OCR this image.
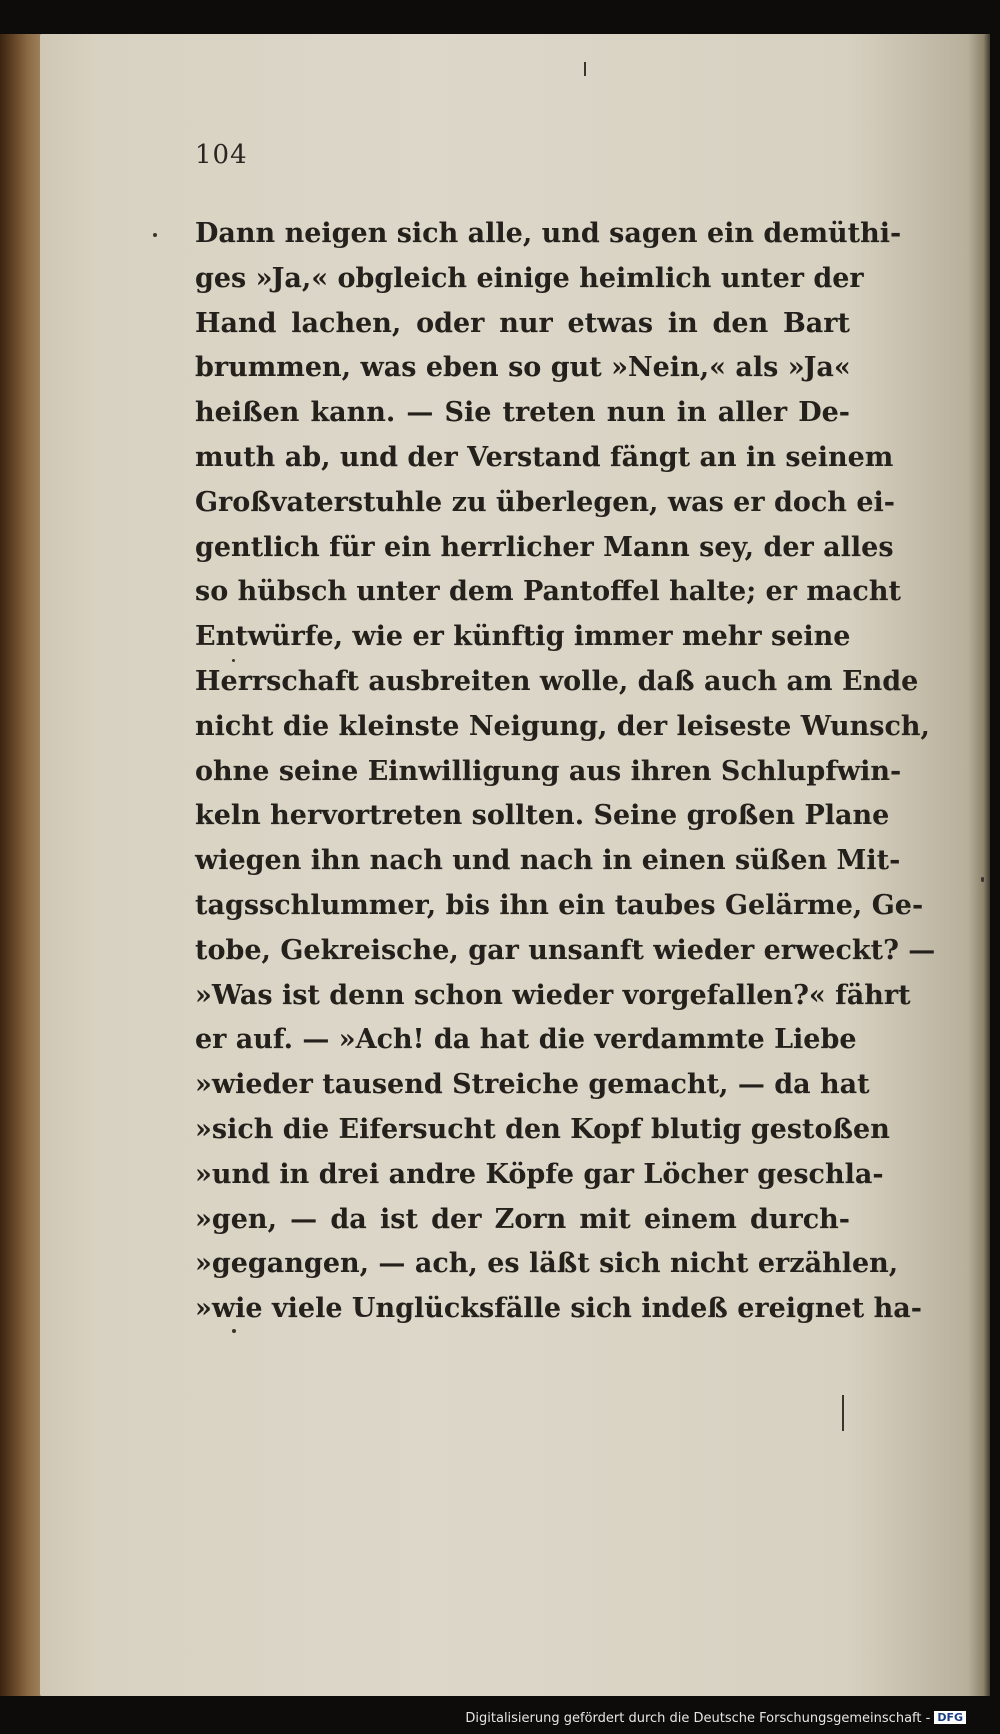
104
Dann neigen sich alle, und sagen ein demüthi-
ges »Ja,« obgleich einige heimlich unter der
Hand lachen, oder nur etwas in den Bart
brummen, was eben so gut »Nein,« als »Ja«
heißen kann. — Sie treten nun in aller De-
muth ab, und der Verstand fängt an in seinem
Großvaterstuhle zu überlegen, was er doch ei-
gentlich für ein herrlicher Mann sey, der alles
so hübsch unter dem Pantoffel halte; er macht
Entwürfe, wie er künftig immer mehr seine
Herrschaft ausbreiten wolle, daß auch am Ende
nicht die kleinste Neigung, der leiseste Wunsch,
ohne seine Einwilligung aus ihren Schlupfwin-
keln hervortreten sollten. Seine großen Plane
wiegen ihn nach und nach in einen süßen Mit-
tagsschlummer, bis ihn ein taubes Gelärme, Ge-
tobe, Gekreische, gar unsanft wieder erweckt? —
»Was ist denn schon wieder vorgefallen?« fährt
er auf. — »Ach! da hat die verdammte Liebe
»wieder tausend Streiche gemacht, — da hat
»sich die Eifersucht den Kopf blutig gestoßen
»und in drei andre Köpfe gar Löcher geschla-
»gen, — da ist der Zorn mit einem durch-
»gegangen, — ach, es läßt sich nicht erzählen,
»wie viele Unglücksfälle sich indeß ereignet ha-
Digitalisierung gefördert durch die Deutsche Forschungsgemeinschaft - DFG
